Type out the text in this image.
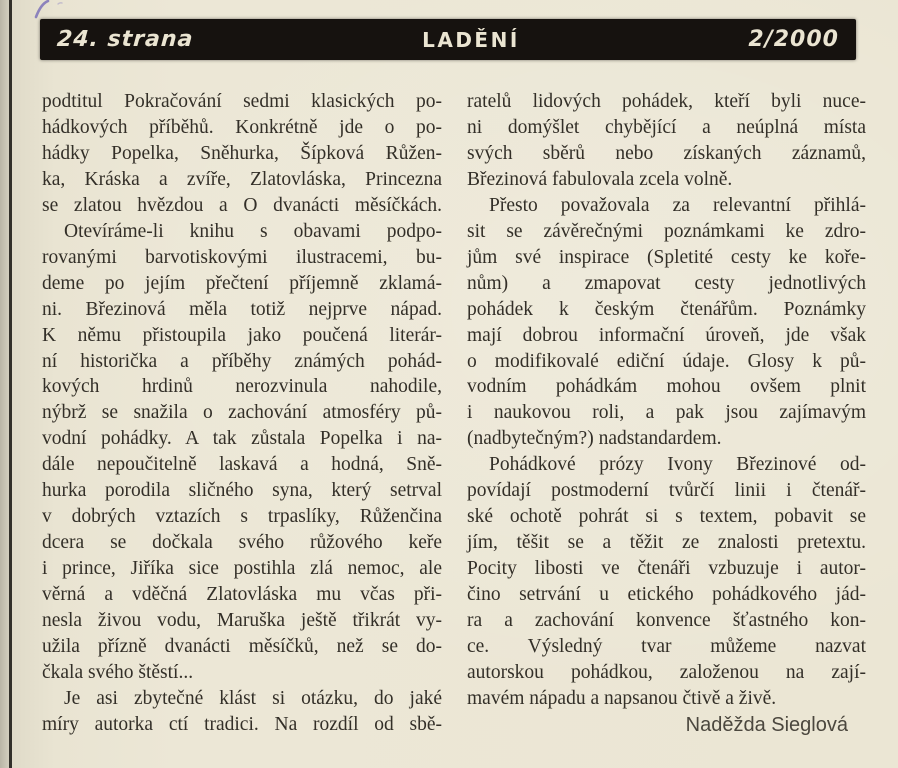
24. strana	LADĚNÍ	2/2000
podtitul Pokračování sedmi klasických po-
hádkových příběhů. Konkrétně jde o po-
hádky Popelka, Sněhurka, Šípková Růžen-
ka, Kráska a zvíře, Zlatovláska, Princezna
se zlatou hvězdou a O dvanácti měsíčkách.
Otevíráme-li knihu s obavami podpo-
rovanými barvotiskovými ilustracemi, bu-
deme po jejím přečtení příjemně zklamá-
ni. Březinová měla totiž nejprve nápad.
K němu přistoupila jako poučená literár-
ní historička a příběhy známých pohád-
kových hrdinů nerozvinula nahodile,
nýbrž se snažila o zachování atmosféry pů-
vodní pohádky. A tak zůstala Popelka i na-
dále nepoučitelně laskavá a hodná, Sně-
hurka porodila sličného syna, který setrval
v dobrých vztazích s trpaslíky, Růženčina
dcera se dočkala svého růžového keře
i prince, Jiříka sice postihla zlá nemoc, ale
věrná a vděčná Zlatovláska mu včas při-
nesla živou vodu, Maruška ještě třikrát vy-
užila přízně dvanácti měsíčků, než se do-
čkala svého štěstí...
Je asi zbytečné klást si otázku, do jaké
míry autorka ctí tradici. Na rozdíl od sbě-
ratelů lidových pohádek, kteří byli nuce-
ni domýšlet chybějící a neúplná místa
svých sběrů nebo získaných záznamů,
Březinová fabulovala zcela volně.
Přesto považovala za relevantní přihlá-
sit se závěrečnými poznámkami ke zdro-
jům své inspirace (Spletité cesty ke koře-
nům) a zmapovat cesty jednotlivých
pohádek k českým čtenářům. Poznámky
mají dobrou informační úroveň, jde však
o modifikovalé ediční údaje. Glosy k pů-
vodním pohádkám mohou ovšem plnit
i naukovou roli, a pak jsou zajímavým
(nadbytečným?) nadstandardem.
Pohádkové prózy Ivony Březinové od-
povídají postmoderní tvůrčí linii i čtenář-
ské ochotě pohrát si s textem, pobavit se
jím, těšit se a těžit ze znalosti pretextu.
Pocity libosti ve čtenáři vzbuzuje i autor-
čino setrvání u etického pohádkového jád-
ra a zachování konvence šťastného kon-
ce. Výsledný tvar můžeme nazvat
autorskou pohádkou, založenou na zají-
mavém nápadu a napsanou čtivě a živě.
Naděžda Sieglová
